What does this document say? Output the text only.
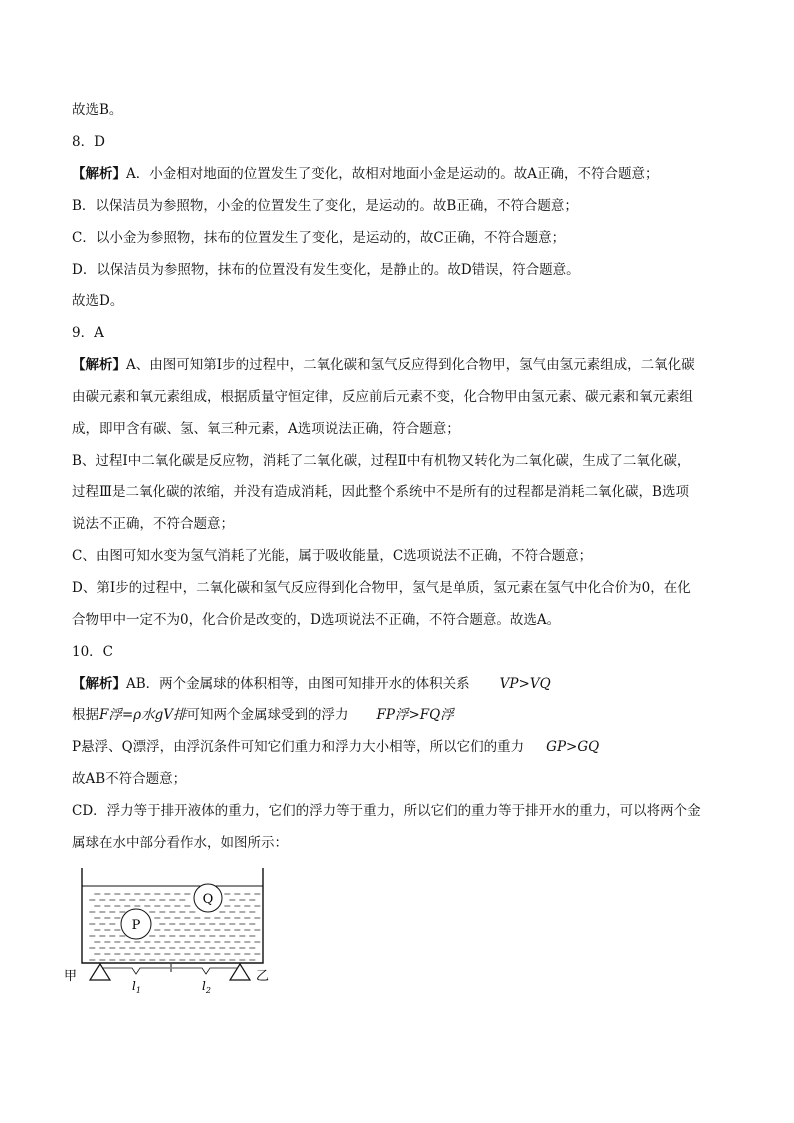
故选B。
8．D
【解析】A．小金相对地面的位置发生了变化，故相对地面小金是运动的。故A正确，不符合题意；
B．以保洁员为参照物，小金的位置发生了变化，是运动的。故B正确，不符合题意；
C．以小金为参照物，抹布的位置发生了变化，是运动的，故C正确，不符合题意；
D．以保洁员为参照物，抹布的位置没有发生变化，是静止的。故D错误，符合题意。
故选D。
9．A
【解析】A、由图可知第Ⅰ步的过程中，二氧化碳和氢气反应得到化合物甲，氢气由氢元素组成，二氧化碳
由碳元素和氧元素组成，根据质量守恒定律，反应前后元素不变，化合物甲由氢元素、碳元素和氧元素组
成，即甲含有碳、氢、氧三种元素，A选项说法正确，符合题意；
B、过程Ⅰ中二氧化碳是反应物，消耗了二氧化碳，过程Ⅱ中有机物又转化为二氧化碳，生成了二氧化碳，
过程Ⅲ是二氧化碳的浓缩，并没有造成消耗，因此整个系统中不是所有的过程都是消耗二氧化碳，B选项
说法不正确，不符合题意；
C、由图可知水变为氢气消耗了光能，属于吸收能量，C选项说法不正确，不符合题意；
D、第Ⅰ步的过程中，二氧化碳和氢气反应得到化合物甲，氢气是单质，氢元素在氢气中化合价为0，在化
合物甲中一定不为0，化合价是改变的，D选项说法不正确，不符合题意。故选A。
10．C
【解析】AB．两个金属球的体积相等，由图可知排开水的体积关系 VP>VQ
根据F浮=ρ水gV排可知两个金属球受到的浮力 FP浮>FQ浮
P悬浮、Q漂浮，由浮沉条件可知它们重力和浮力大小相等，所以它们的重力 GP>GQ
故AB不符合题意；
CD．浮力等于排开液体的重力，它们的浮力等于重力，所以它们的重力等于排开水的重力，可以将两个金
属球在水中部分看作水，如图所示：
Q
P
甲	乙
$l_1$	$l_2$
